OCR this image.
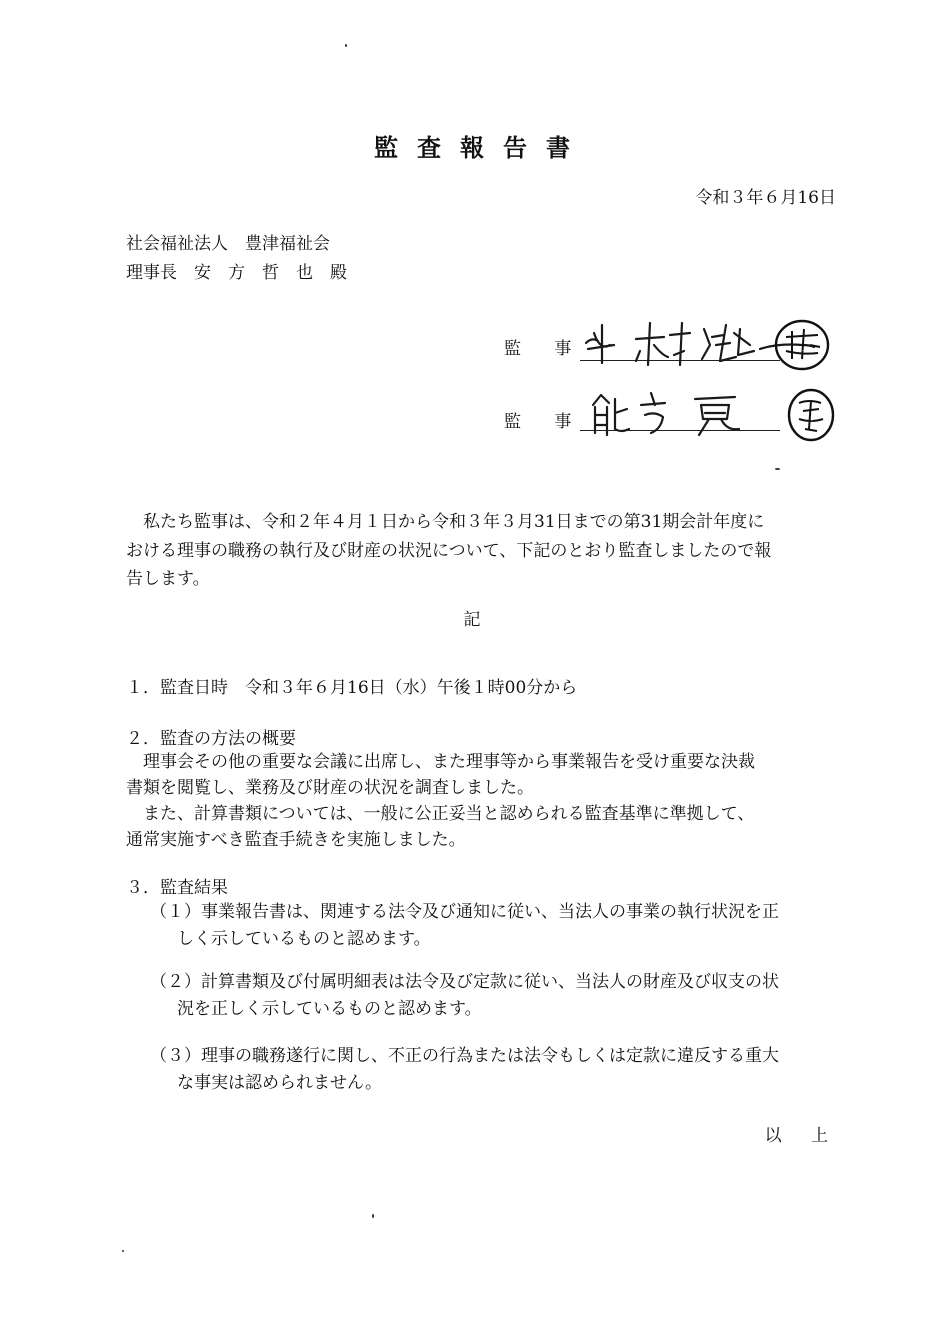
監査報告書
令和３年６月16日
社会福祉法人　豊津福祉会
理事長　安　方　哲　也　殿
監 事	中村
監 事	能方
私たち監事は、令和２年４月１日から令和３年３月31日までの第31期会計年度に
おける理事の職務の執行及び財産の状況について、下記のとおり監査しましたので報
告します。
記
１．監査日時　令和３年６月16日（水）午後１時00分から
２．監査の方法の概要
理事会その他の重要な会議に出席し、また理事等から事業報告を受け重要な決裁
書類を閲覧し、業務及び財産の状況を調査しました。
また、計算書類については、一般に公正妥当と認められる監査基準に準拠して、
通常実施すべき監査手続きを実施しました。
３．監査結果
（１）事業報告書は、関連する法令及び通知に従い、当法人の事業の執行状況を正
しく示しているものと認めます。
（２）計算書類及び付属明細表は法令及び定款に従い、当法人の財産及び収支の状
況を正しく示しているものと認めます。
（３）理事の職務遂行に関し、不正の行為または法令もしくは定款に違反する重大
な事実は認められません。
以 上
